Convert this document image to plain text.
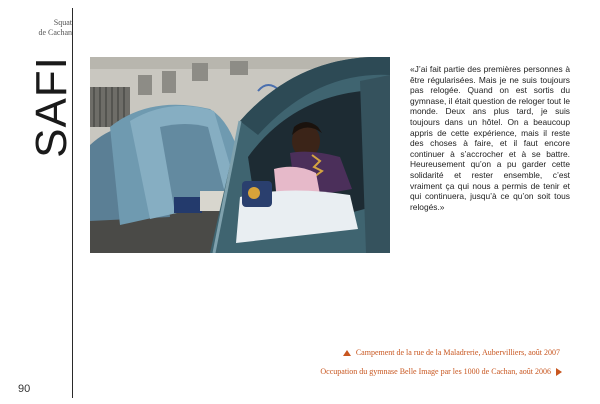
Squat
de Cachan
SAFI
90
«J’ai fait partie des premières personnes à être régularisées. Mais je ne suis toujours pas relogée. Quand on est sortis du gymnase, il était question de reloger tout le monde. Deux ans plus tard, je suis toujours dans un hôtel. On a beaucoup appris de cette expérience, mais il reste des choses à faire, et il faut encore continuer à s’accrocher et à se battre. Heureusement qu’on a pu garder cette solidarité et rester ensemble, c’est vraiment ça qui nous a permis de tenir et qui continuera, jusqu’à ce qu’on soit tous relogés.»
Campement de la rue de la Maladrerie, Aubervilliers, août 2007
Occupation du gymnase Belle Image par les 1000 de Cachan, août 2006
